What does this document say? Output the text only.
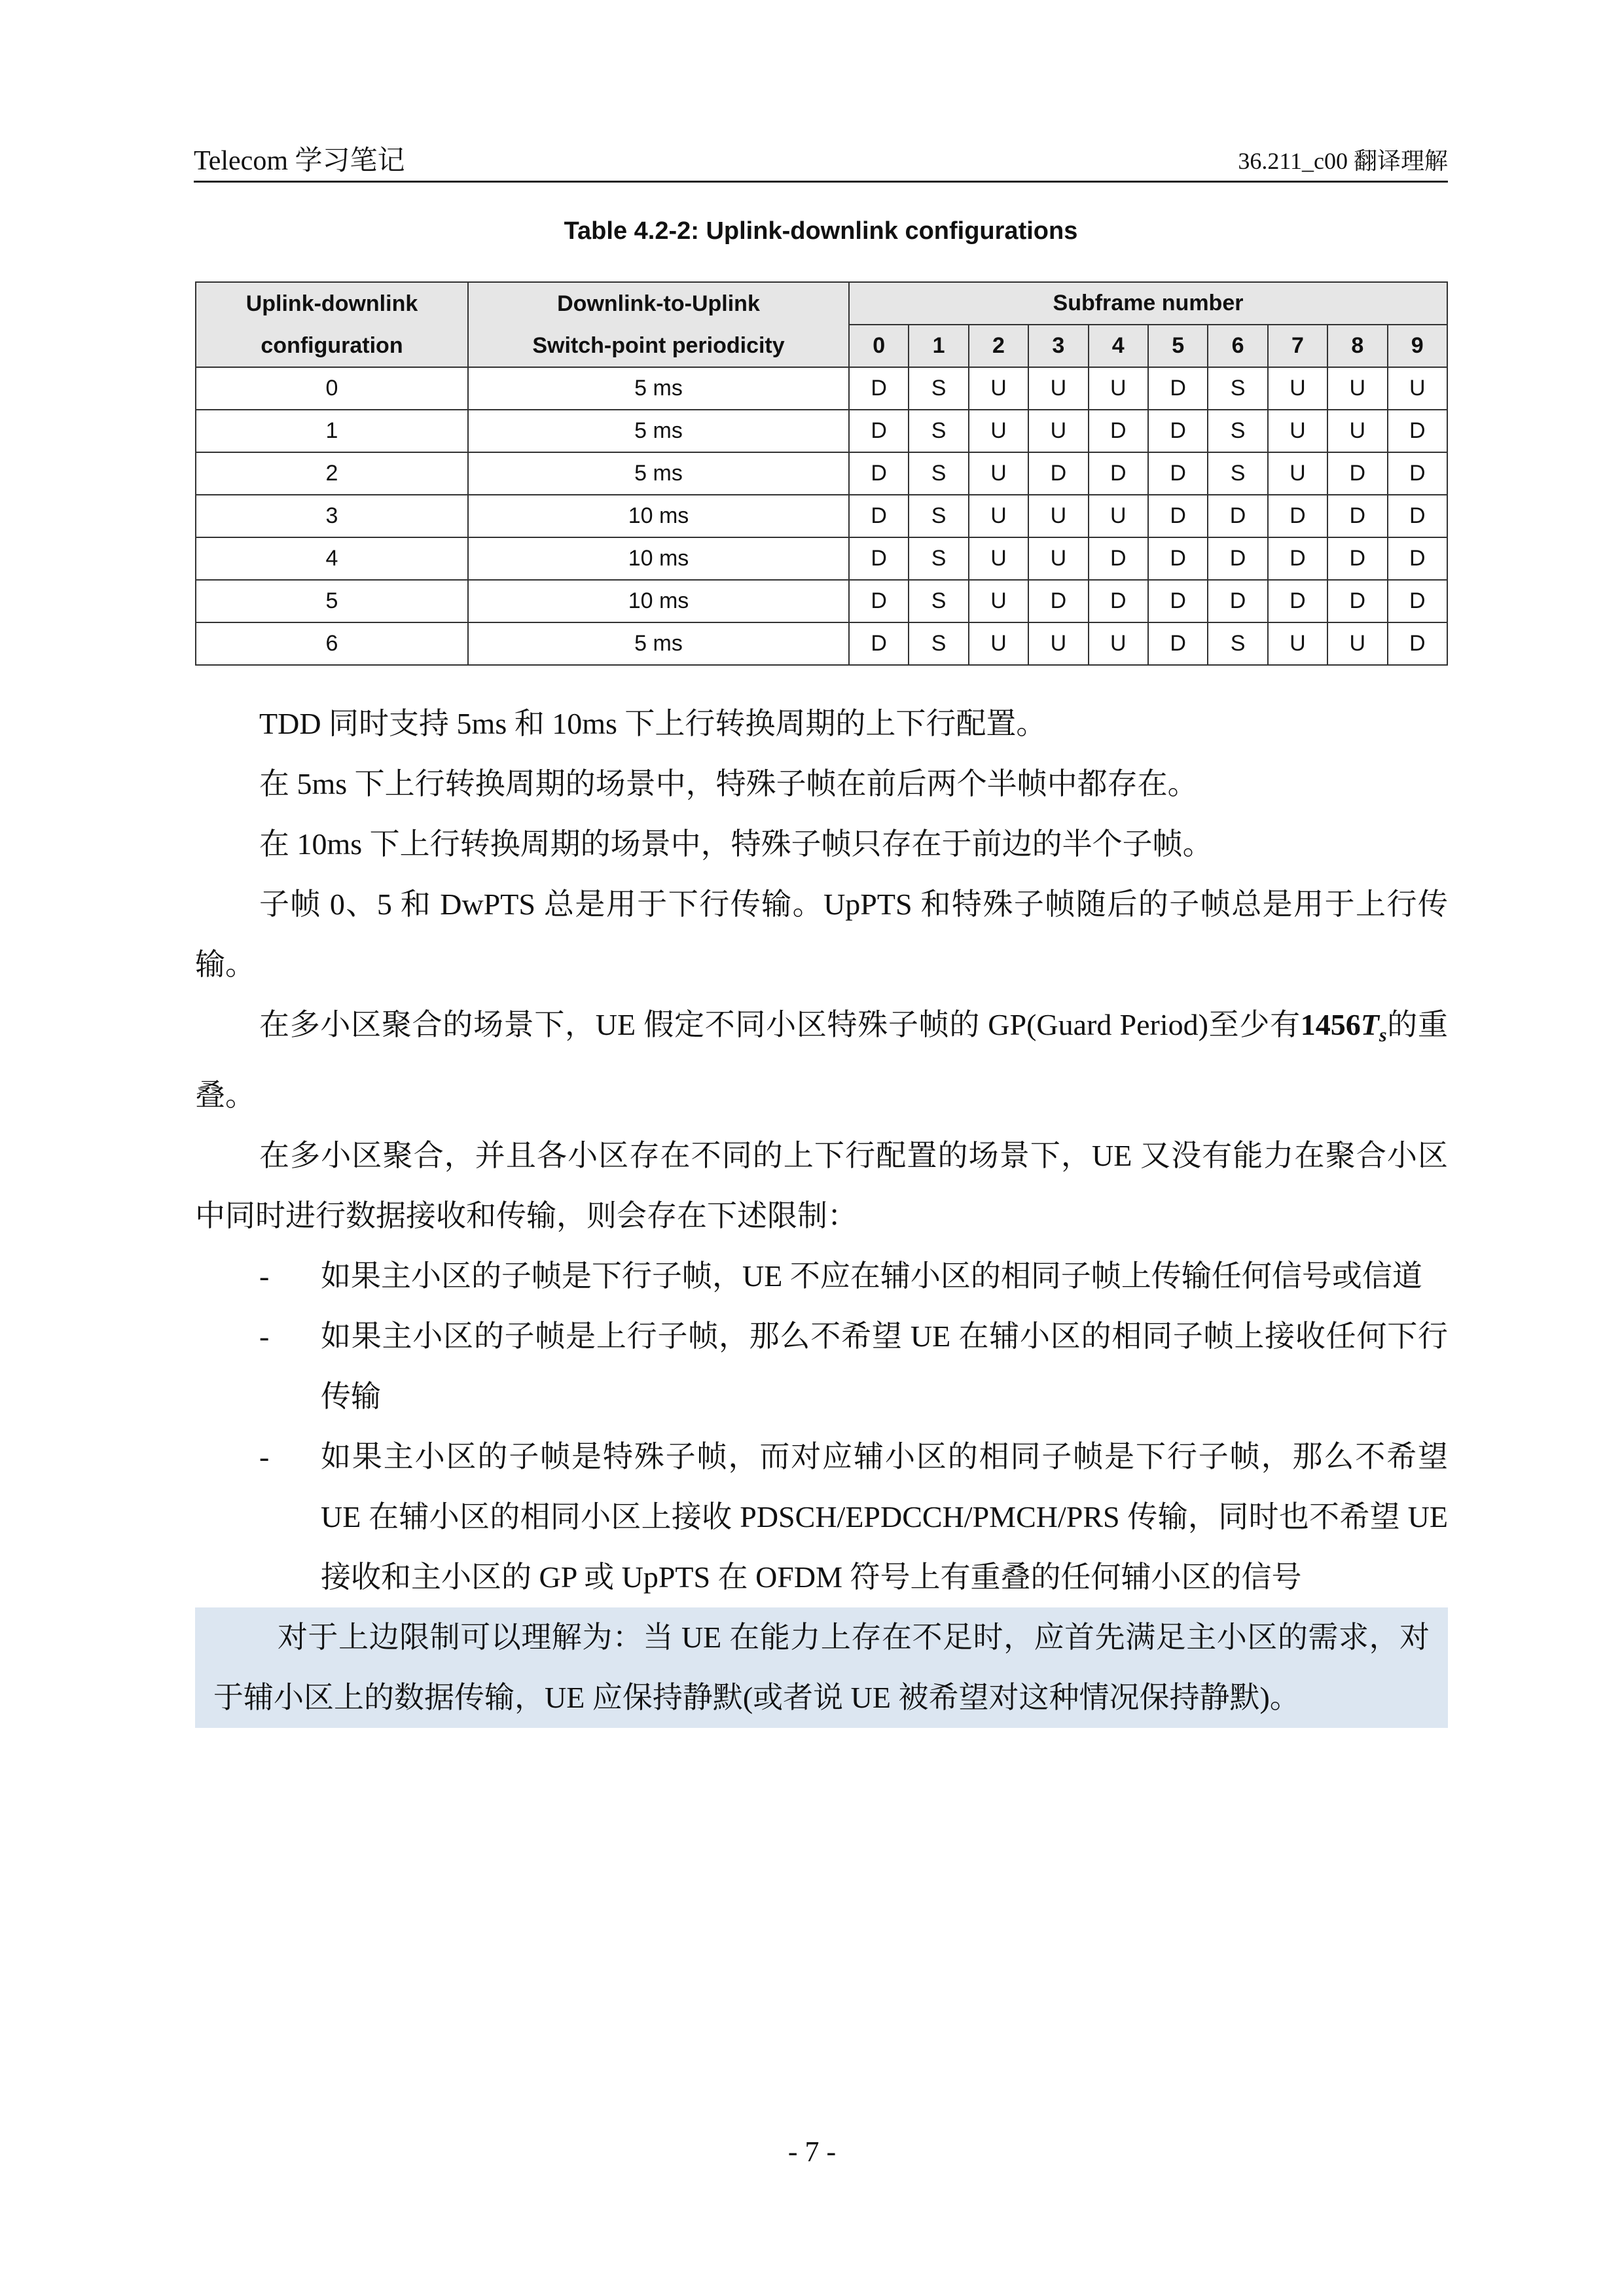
Telecom 学习笔记	36.211_c00 翻译理解
Table 4.2-2: Uplink-downlink configurations
Uplink-downlink	Downlink-to-Uplink	Subframe number									
configuration	Switch-point periodicity	0	1	2	3	4	5	6	7	8	9
0	5 ms	D	S	U	U	U	D	S	U	U	U
1	5 ms	D	S	U	U	D	D	S	U	U	D
2	5 ms	D	S	U	D	D	D	S	U	D	D
3	10 ms	D	S	U	U	U	D	D	D	D	D
4	10 ms	D	S	U	U	D	D	D	D	D	D
5	10 ms	D	S	U	D	D	D	D	D	D	D
6	5 ms	D	S	U	U	U	D	S	U	U	D

TDD 同时支持 5ms 和 10ms 下上行转换周期的上下行配置。

在 5ms 下上行转换周期的场景中，特殊子帧在前后两个半帧中都存在。

在 10ms 下上行转换周期的场景中，特殊子帧只存在于前边的半个子帧。

子帧 0、5 和 DwPTS 总是用于下行传输。UpPTS 和特殊子帧随后的子帧总是用于上行传输。

在多小区聚合的场景下，UE 假定不同小区特殊子帧的 GP(Guard Period)至少有$1456T_s$的重叠。

在多小区聚合，并且各小区存在不同的上下行配置的场景下，UE 又没有能力在聚合小区中同时进行数据接收和传输，则会存在下述限制：

- 如果主小区的子帧是下行子帧，UE 不应在辅小区的相同子帧上传输任何信号或信道
- 如果主小区的子帧是上行子帧，那么不希望 UE 在辅小区的相同子帧上接收任何下行传输
- 如果主小区的子帧是特殊子帧，而对应辅小区的相同子帧是下行子帧，那么不希望 UE 在辅小区的相同小区上接收 PDSCH/EPDCCH/PMCH/PRS 传输，同时也不希望 UE 接收和主小区的 GP 或 UpPTS 在 OFDM 符号上有重叠的任何辅小区的信号

对于上边限制可以理解为：当 UE 在能力上存在不足时，应首先满足主小区的需求，对于辅小区上的数据传输，UE 应保持静默(或者说 UE 被希望对这种情况保持静默)。

- 7 -
